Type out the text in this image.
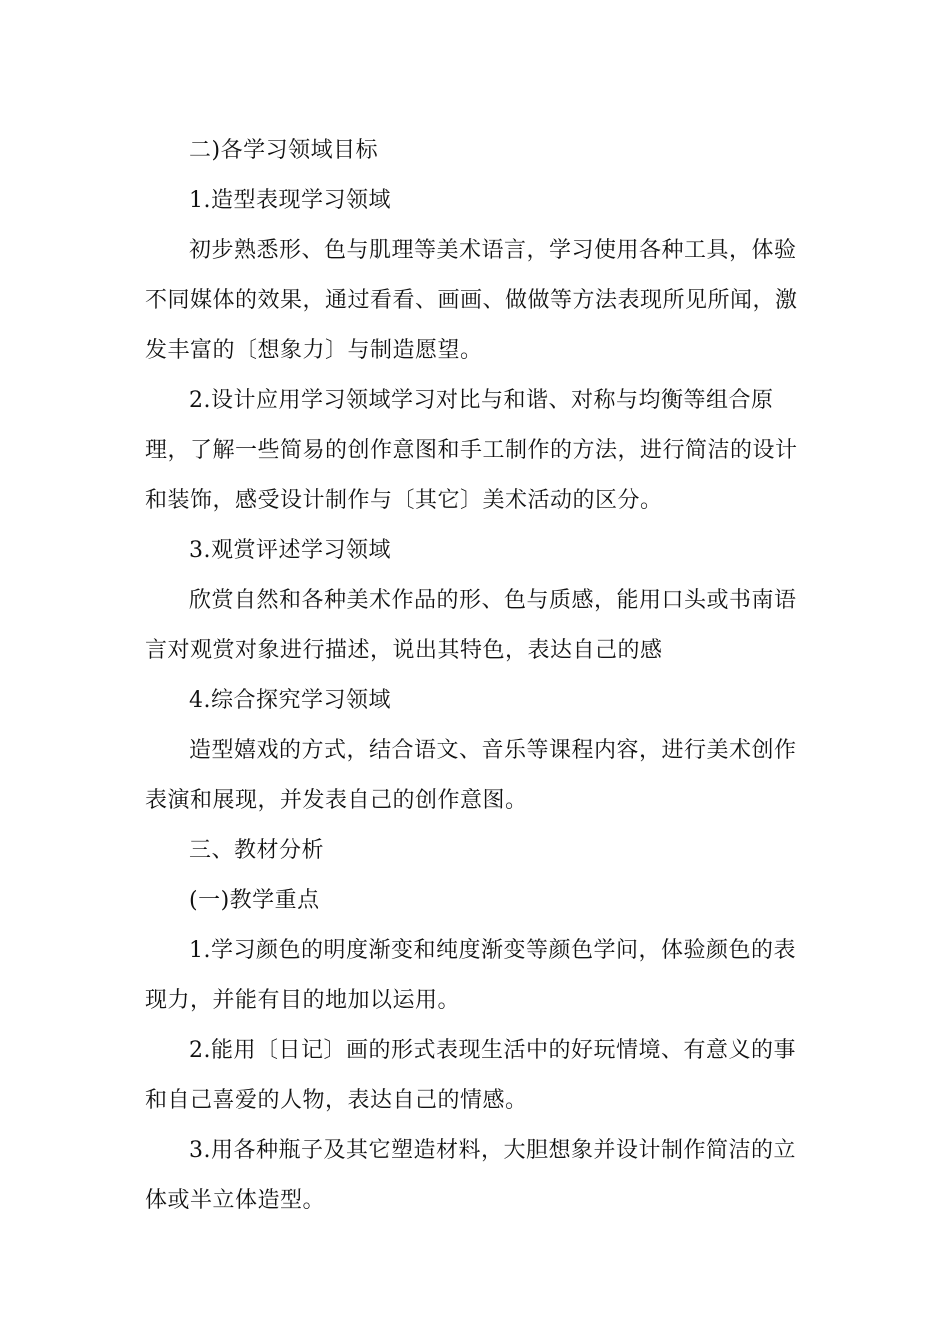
二)各学习领域目标

1.造型表现学习领域

初步熟悉形、色与肌理等美术语言，学习使用各种工具，体验不同媒体的效果，通过看看、画画、做做等方法表现所见所闻，激发丰富的〔想象力〕与制造愿望。

2.设计应用学习领域学习对比与和谐、对称与均衡等组合原理，了解一些简易的创作意图和手工制作的方法，进行简洁的设计和装饰，感受设计制作与〔其它〕美术活动的区分。

3.观赏评述学习领域

欣赏自然和各种美术作品的形、色与质感，能用口头或书南语言对观赏对象进行描述，说出其特色，表达自己的感

4.综合探究学习领域

造型嬉戏的方式，结合语文、音乐等课程内容，进行美术创作表演和展现，并发表自己的创作意图。

三、教材分析

(一)教学重点

1.学习颜色的明度渐变和纯度渐变等颜色学问，体验颜色的表现力，并能有目的地加以运用。

2.能用〔日记〕画的形式表现生活中的好玩情境、有意义的事和自己喜爱的人物，表达自己的情感。

3.用各种瓶子及其它塑造材料，大胆想象并设计制作简洁的立体或半立体造型。
